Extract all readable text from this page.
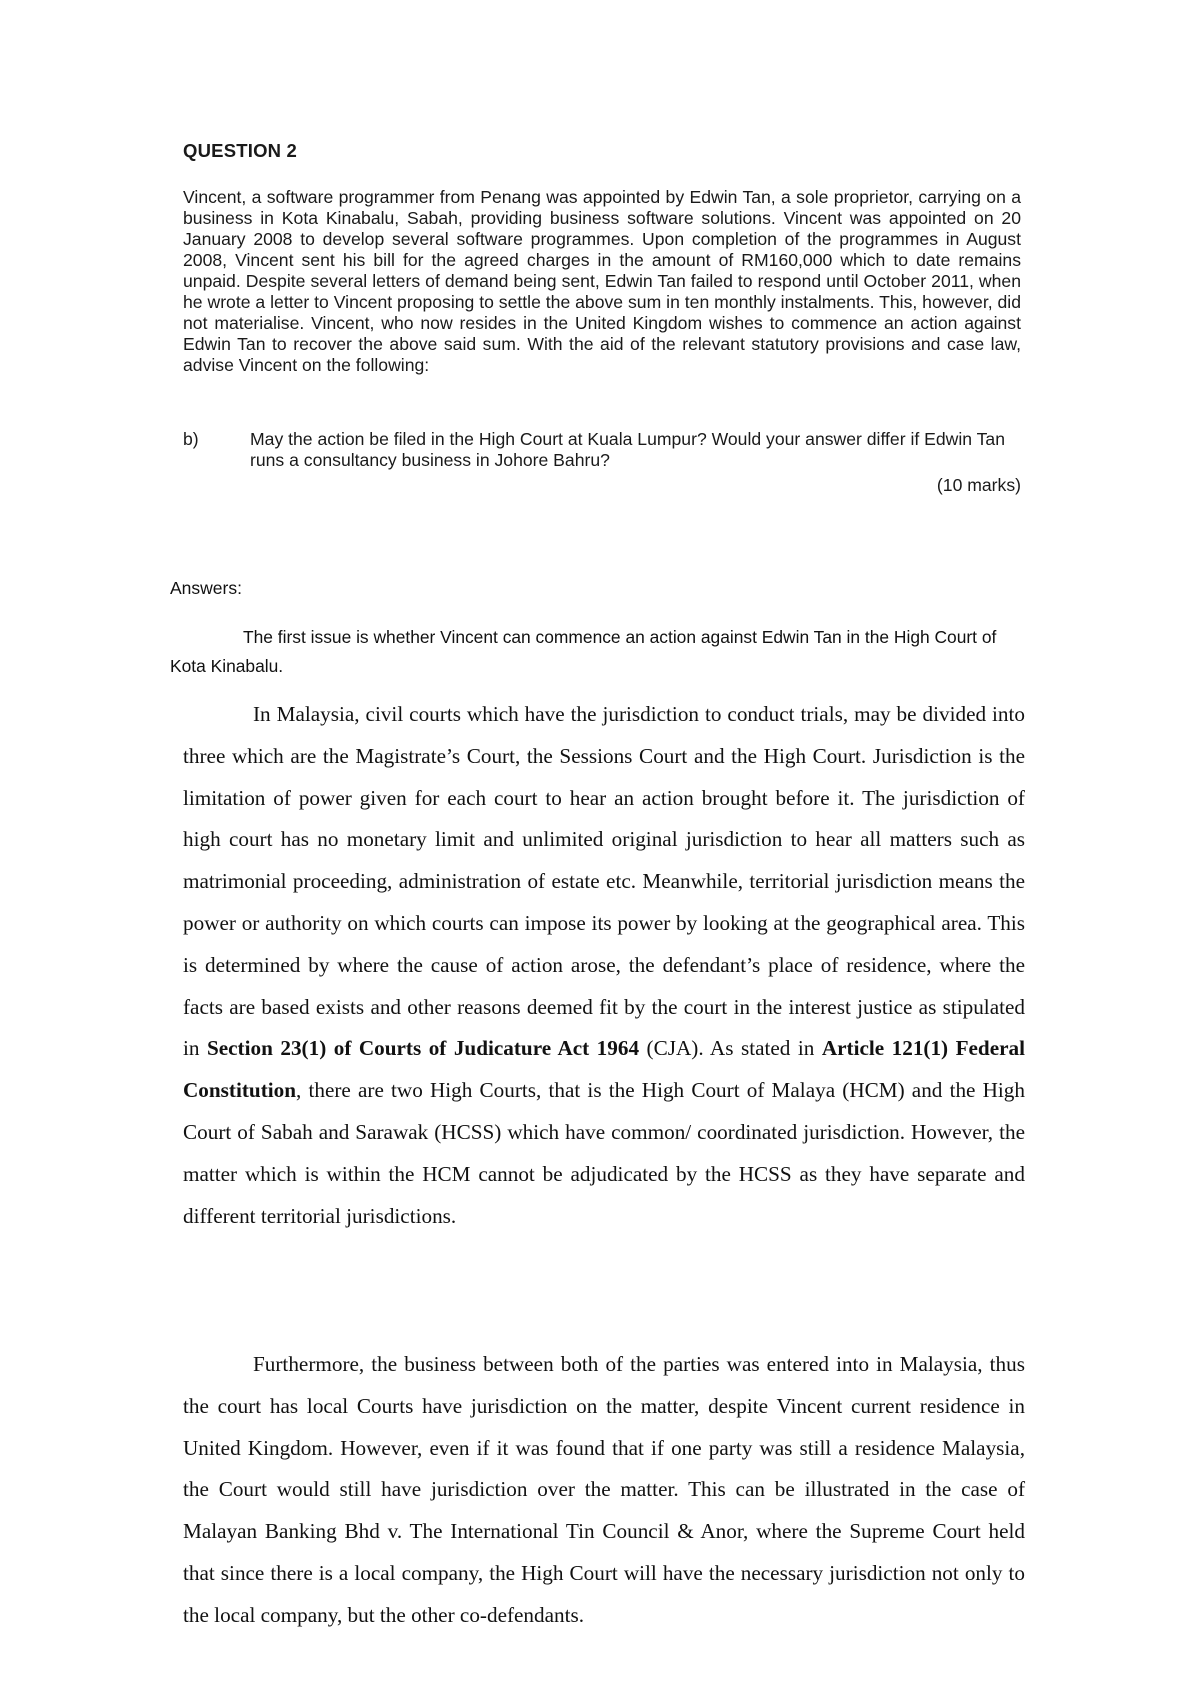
QUESTION 2

Vincent, a software programmer from Penang was appointed by Edwin Tan, a sole proprietor, carrying on a business in Kota Kinabalu, Sabah, providing business software solutions. Vincent was appointed on 20 January 2008 to develop several software programmes. Upon completion of the programmes in August 2008, Vincent sent his bill for the agreed charges in the amount of RM160,000 which to date remains unpaid. Despite several letters of demand being sent, Edwin Tan failed to respond until October 2011, when he wrote a letter to Vincent proposing to settle the above sum in ten monthly instalments. This, however, did not materialise. Vincent, who now resides in the United Kingdom wishes to commence an action against Edwin Tan to recover the above said sum. With the aid of the relevant statutory provisions and case law, advise Vincent on the following:

b)	May the action be filed in the High Court at Kuala Lumpur? Would your answer differ if Edwin Tan runs a consultancy business in Johore Bahru?
(10 marks)
Answers:

The first issue is whether Vincent can commence an action against Edwin Tan in the High Court of Kota Kinabalu.

In Malaysia, civil courts which have the jurisdiction to conduct trials, may be divided into three which are the Magistrate’s Court, the Sessions Court and the High Court. Jurisdiction is the limitation of power given for each court to hear an action brought before it. The jurisdiction of high court has no monetary limit and unlimited original jurisdiction to hear all matters such as matrimonial proceeding, administration of estate etc. Meanwhile, territorial jurisdiction means the power or authority on which courts can impose its power by looking at the geographical area. This is determined by where the cause of action arose, the defendant’s place of residence, where the facts are based exists and other reasons deemed fit by the court in the interest justice as stipulated in Section 23(1) of Courts of Judicature Act 1964 (CJA). As stated in Article 121(1) Federal Constitution, there are two High Courts, that is the High Court of Malaya (HCM) and the High Court of Sabah and Sarawak (HCSS) which have common/ coordinated jurisdiction. However, the matter which is within the HCM cannot be adjudicated by the HCSS as they have separate and different territorial jurisdictions.

Furthermore, the business between both of the parties was entered into in Malaysia, thus the court has local Courts have jurisdiction on the matter, despite Vincent current residence in United Kingdom. However, even if it was found that if one party was still a residence Malaysia, the Court would still have jurisdiction over the matter. This can be illustrated in the case of Malayan Banking Bhd v. The International Tin Council & Anor, where the Supreme Court held that since there is a local company, the High Court will have the necessary jurisdiction not only to the local company, but the other co-defendants.
